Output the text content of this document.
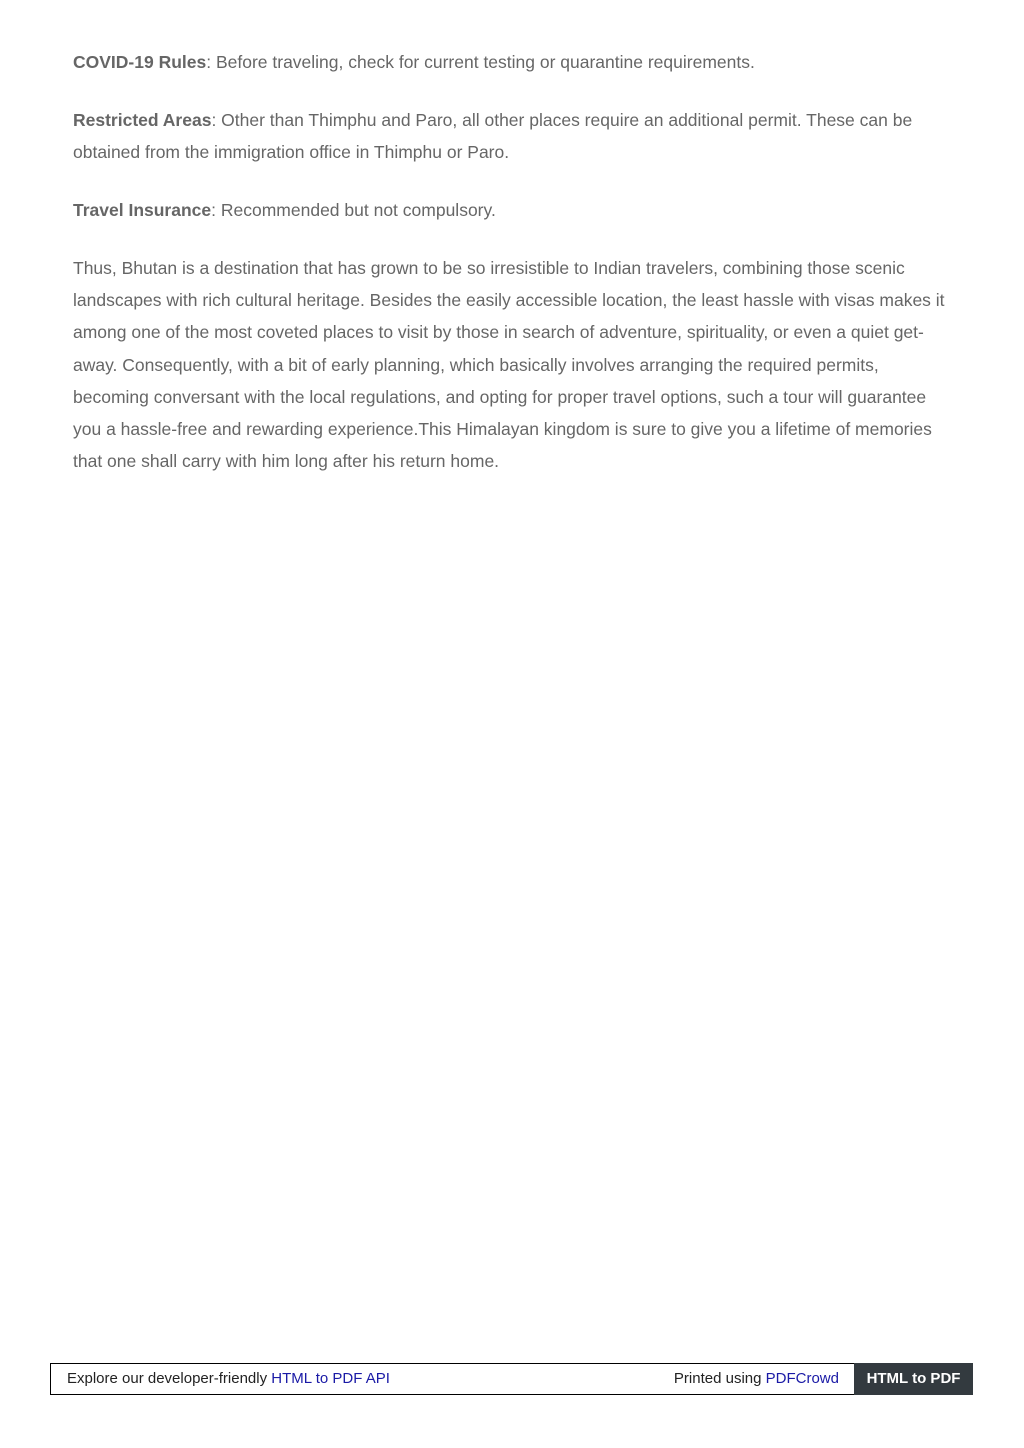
COVID-19 Rules: Before traveling, check for current testing or quarantine requirements.

Restricted Areas: Other than Thimphu and Paro, all other places require an additional permit. These can be obtained from the immigration office in Thimphu or Paro.

Travel Insurance: Recommended but not compulsory.

Thus, Bhutan is a destination that has grown to be so irresistible to Indian travelers, combining those scenic landscapes with rich cultural heritage. Besides the easily accessible location, the least hassle with visas makes it among one of the most coveted places to visit by those in search of adventure, spirituality, or even a quiet get-away. Consequently, with a bit of early planning, which basically involves arranging the required permits, becoming conversant with the local regulations, and opting for proper travel options, such a tour will guarantee you a hassle-free and rewarding experience.This Himalayan kingdom is sure to give you a lifetime of memories that one shall carry with him long after his return home.

Explore our developer-friendly HTML to PDF API	Printed using PDFCrowd	HTML to PDF
